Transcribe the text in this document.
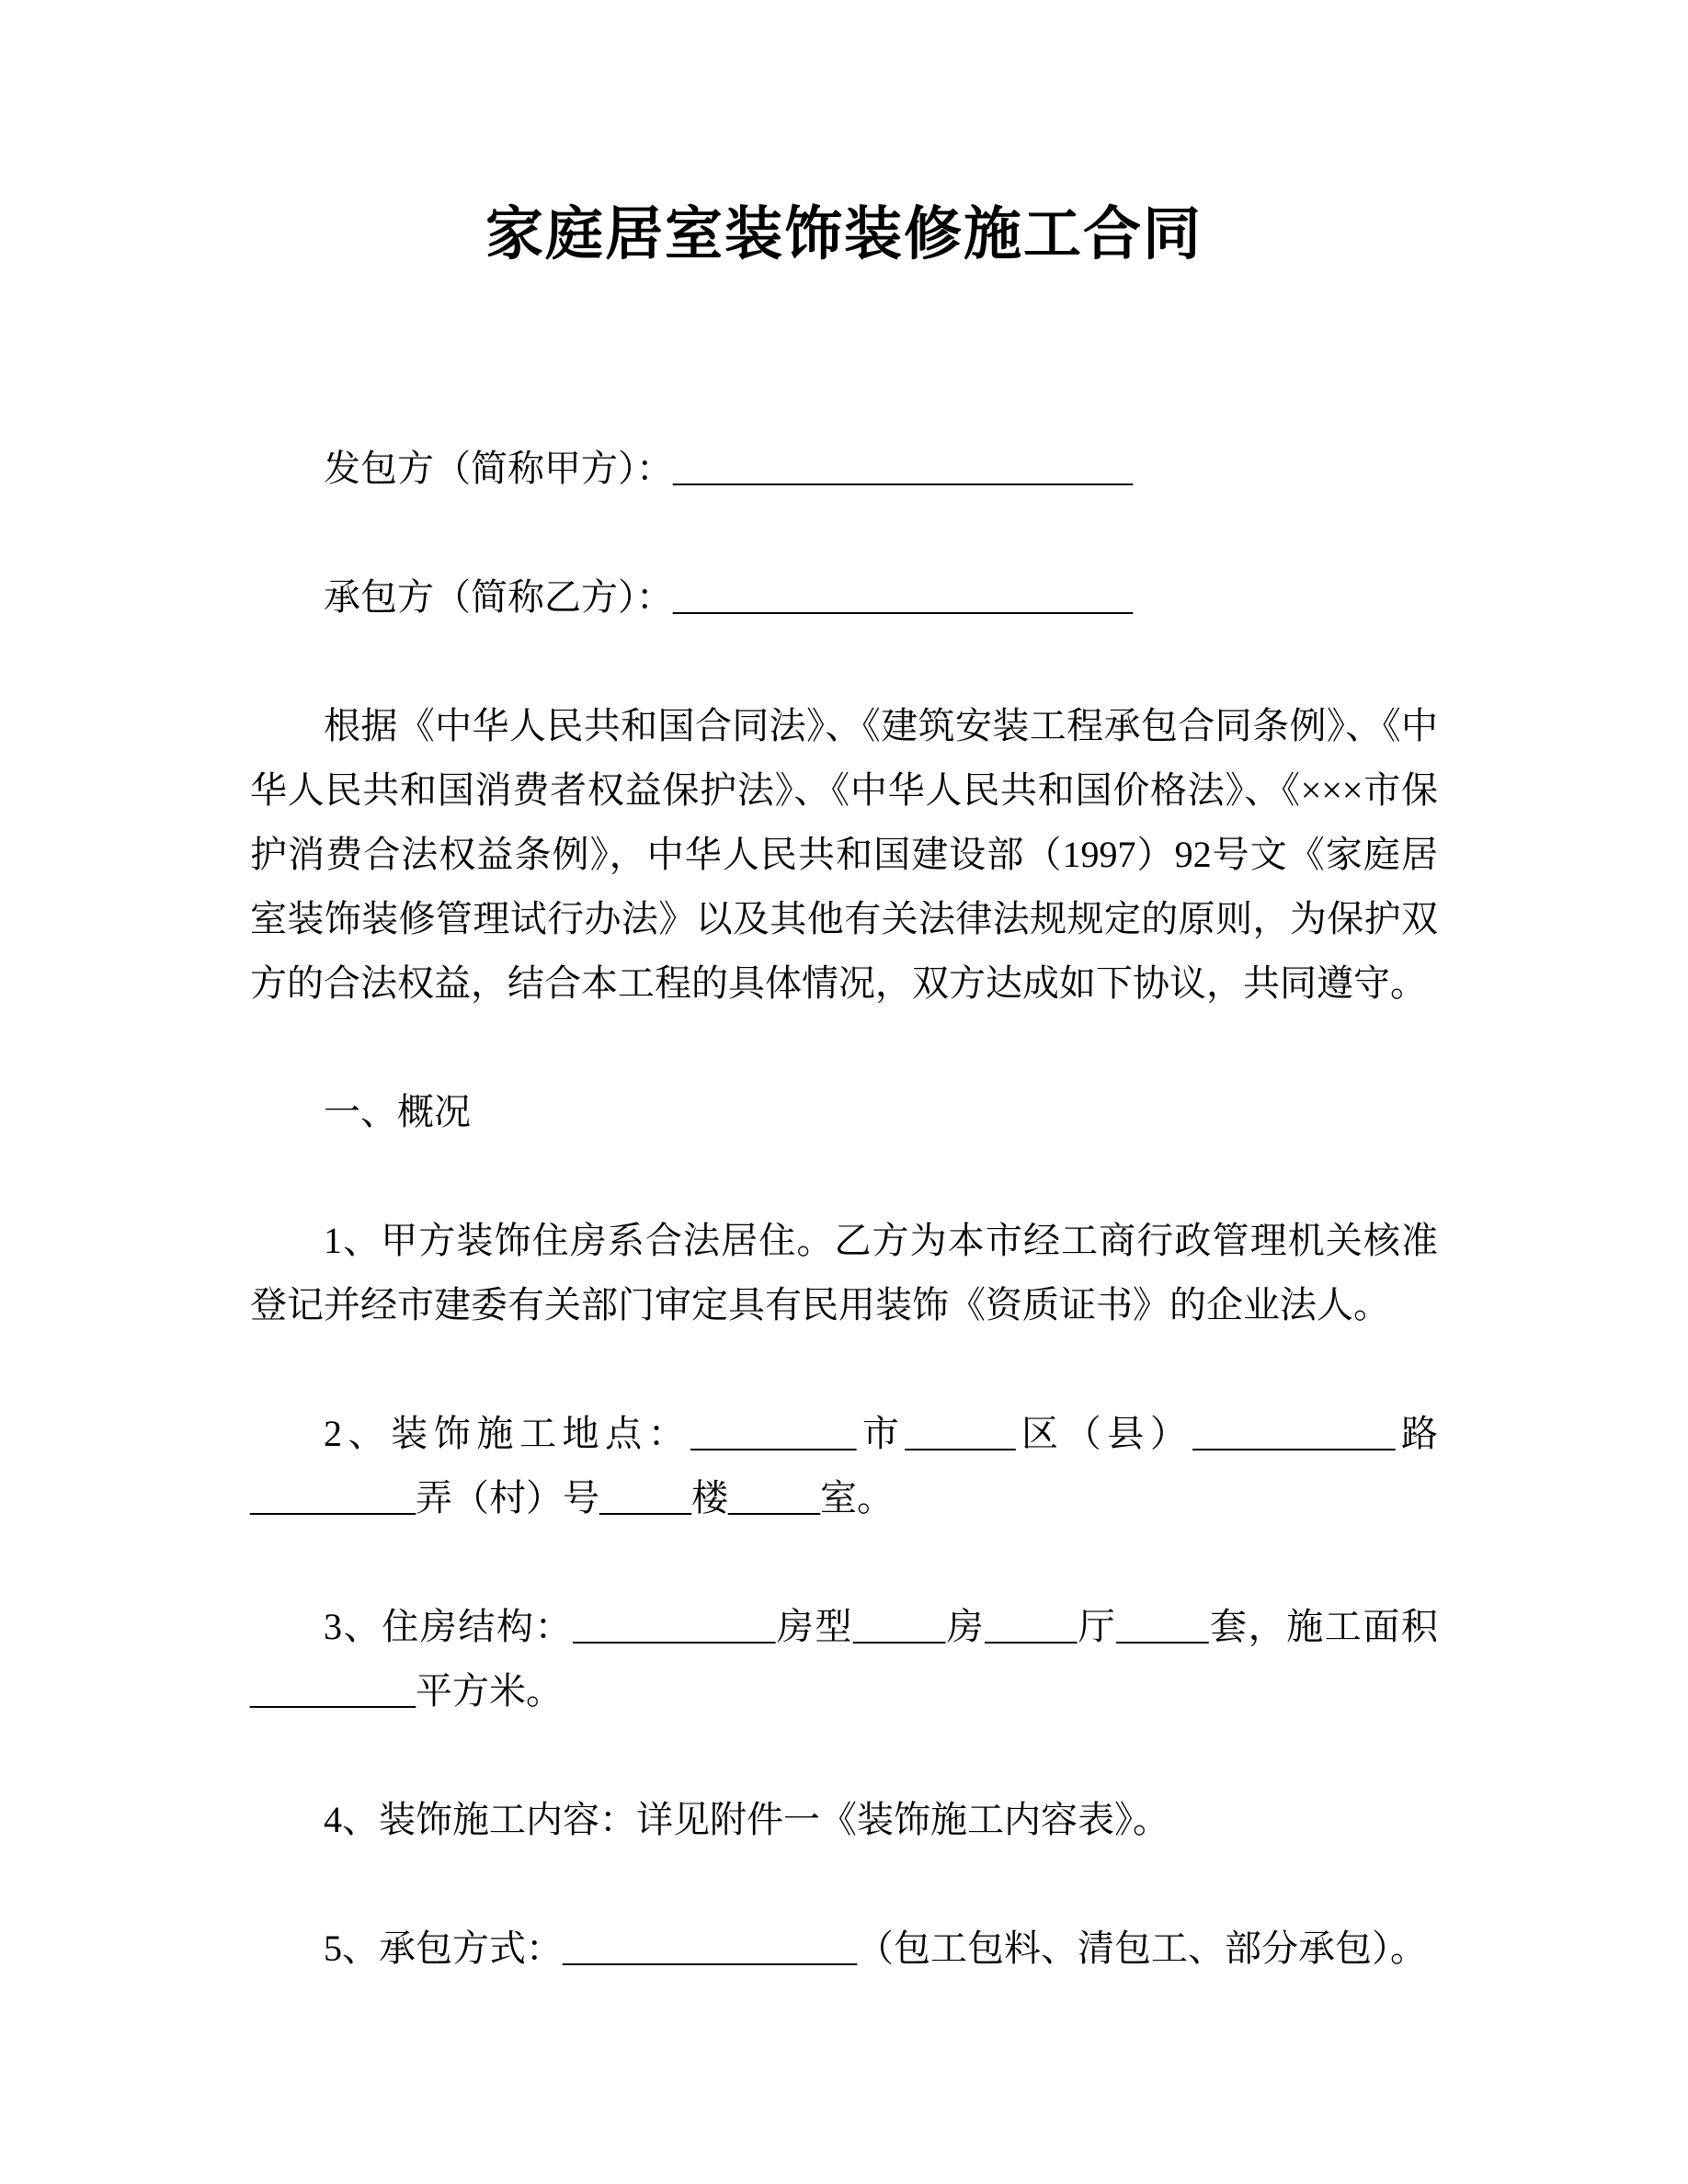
家庭居室装饰装修施工合同

发包方（简称甲方）：_________________________

承包方（简称乙方）：_________________________

根据《中华人民共和国合同法》、《建筑安装工程承包合同条例》、《中华人民共和国消费者权益保护法》、《中华人民共和国价格法》、《×××市保护消费合法权益条例》，中华人民共和国建设部（1997）92号文《家庭居室装饰装修管理试行办法》以及其他有关法律法规规定的原则，为保护双方的合法权益，结合本工程的具体情况，双方达成如下协议，共同遵守。

一、概况

1、甲方装饰住房系合法居住。乙方为本市经工商行政管理机关核准登记并经市建委有关部门审定具有民用装饰《资质证书》的企业法人。

2、装饰施工地点：_________市______区（县）___________路_________弄（村）号_____楼_____室。

3、住房结构：___________房型_____房_____厅_____套，施工面积_________平方米。

4、装饰施工内容：详见附件一《装饰施工内容表》。

5、承包方式：________________（包工包料、清包工、部分承包）。
